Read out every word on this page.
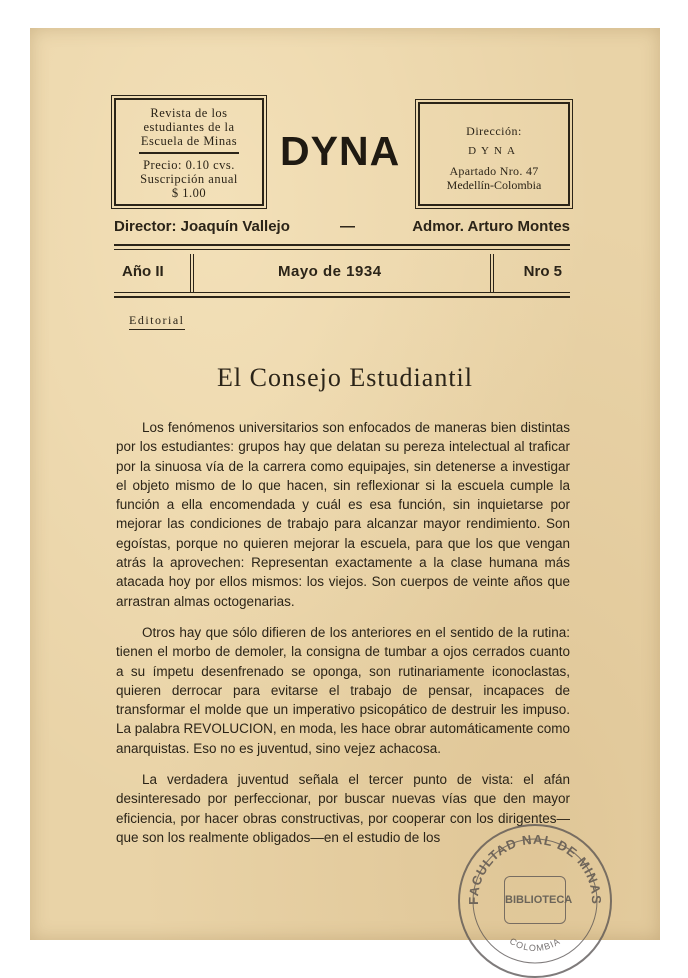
Revista de los estudiantes de la Escuela de Minas
Precio: 0.10 cvs.
Suscripción anual
$ 1.00
DYNA	Dirección:
DYNA
Apartado Nro. 47
Medellín-Colombia
Director: Joaquín Vallejo	—	Admor. Arturo Montes
Año II	Mayo de 1934	Nro 5
Editorial
El Consejo Estudiantil

Los fenómenos universitarios son enfocados de maneras bien distintas por los estudiantes: grupos hay que delatan su pereza intelectual al traficar por la sinuosa vía de la carrera como equipajes, sin detenerse a investigar el objeto mismo de lo que hacen, sin reflexionar si la escuela cumple la función a ella encomendada y cuál es esa función, sin inquietarse por mejorar las condiciones de trabajo para alcanzar mayor rendimiento. Son egoístas, porque no quieren mejorar la escuela, para que los que vengan atrás la aprovechen: Representan exactamente a la clase humana más atacada hoy por ellos mismos: los viejos. Son cuerpos de veinte años que arrastran almas octogenarias.

Otros hay que sólo difieren de los anteriores en el sentido de la rutina: tienen el morbo de demoler, la consigna de tumbar a ojos cerrados cuanto a su ímpetu desenfrenado se oponga, son rutinariamente iconoclastas, quieren derrocar para evitarse el trabajo de pensar, incapaces de transformar el molde que un imperativo psicopático de destruir les impuso. La palabra REVOLUCION, en moda, les hace obrar automáticamente como anarquistas. Eso no es juventud, sino vejez achacosa.

La verdadera juventud señala el tercer punto de vista: el afán desinteresado por perfeccionar, por buscar nuevas vías que den mayor eficiencia, por hacer obras constructivas, por cooperar con los dirigentes—que son los realmente obligados—en el estudio de los

FACULTAD NAL DE MINAS
COLOMBIA
BIBLIOTECA
